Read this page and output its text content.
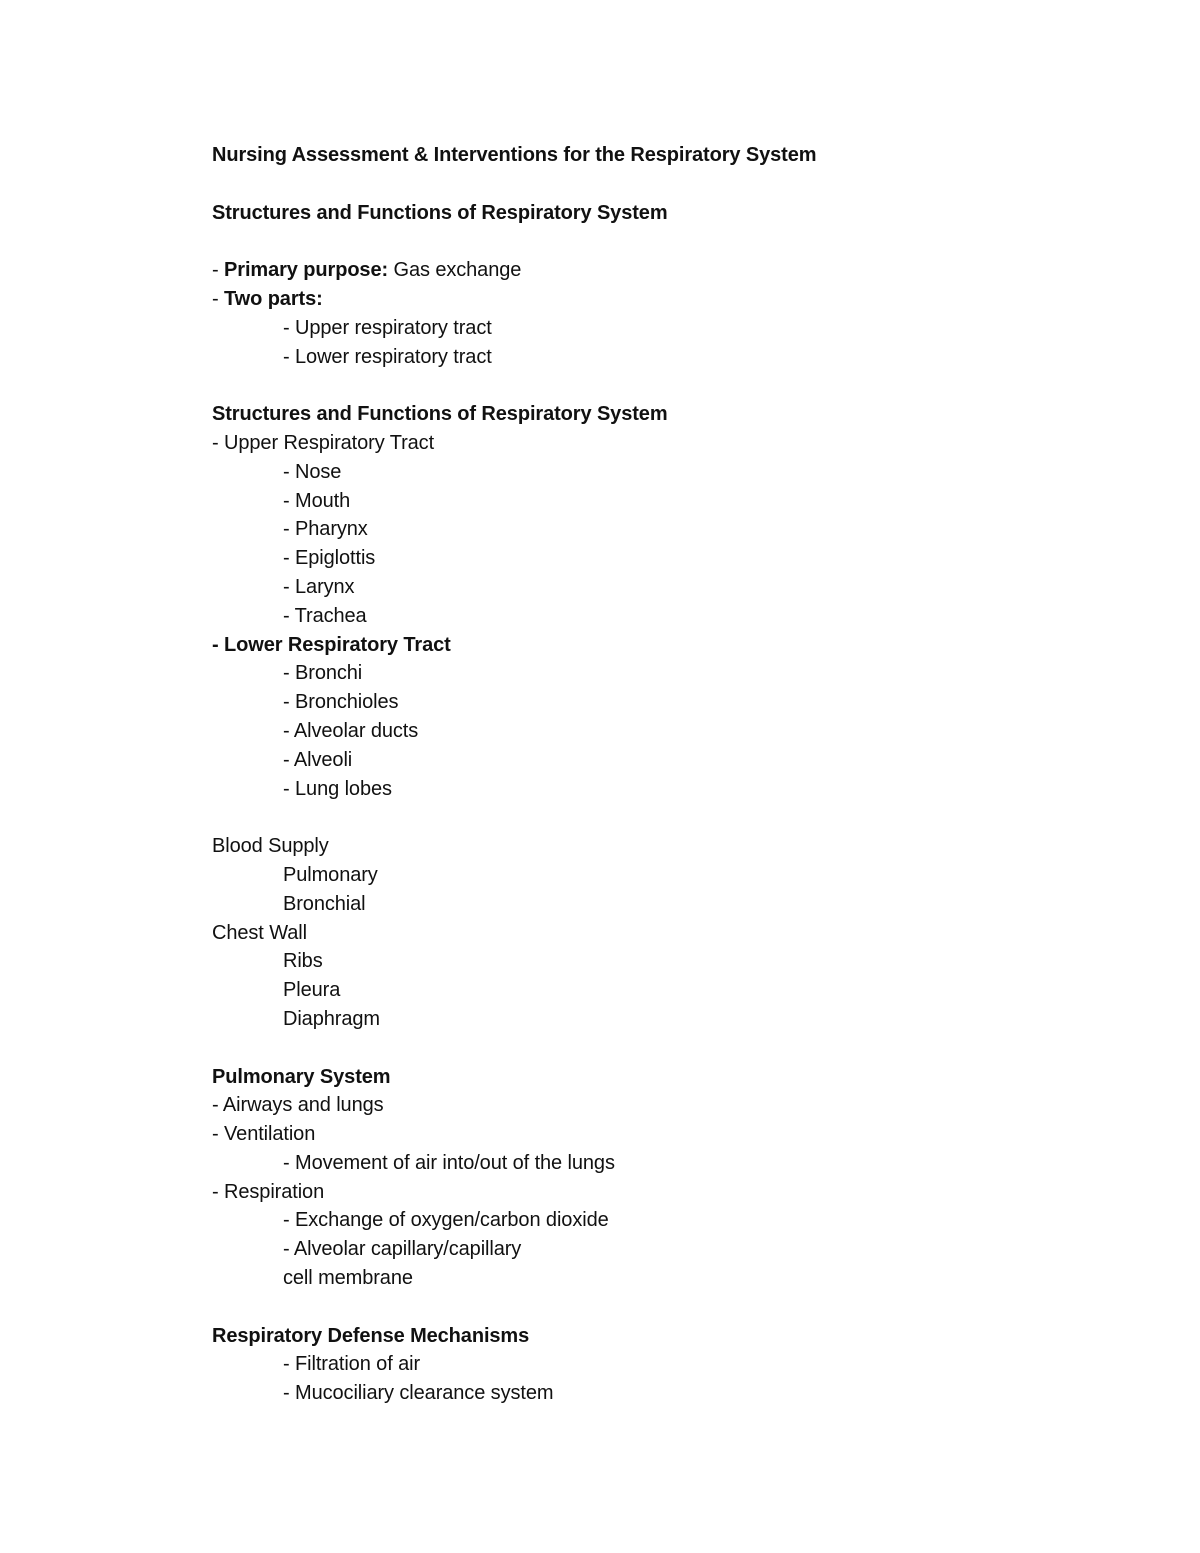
Nursing Assessment & Interventions for the Respiratory System
Structures and Functions of Respiratory System
- Primary purpose: Gas exchange
- Two parts:
- Upper respiratory tract
- Lower respiratory tract
Structures and Functions of Respiratory System
- Upper Respiratory Tract
- Nose
- Mouth
- Pharynx
- Epiglottis
- Larynx
- Trachea
- Lower Respiratory Tract
- Bronchi
- Bronchioles
- Alveolar ducts
- Alveoli
- Lung lobes
Blood Supply
Pulmonary
Bronchial
Chest Wall
Ribs
Pleura
Diaphragm
Pulmonary System
- Airways and lungs
- Ventilation
- Movement of air into/out of the lungs
- Respiration
- Exchange of oxygen/carbon dioxide
- Alveolar capillary/capillary
cell membrane
Respiratory Defense Mechanisms
- Filtration of air
- Mucociliary clearance system
